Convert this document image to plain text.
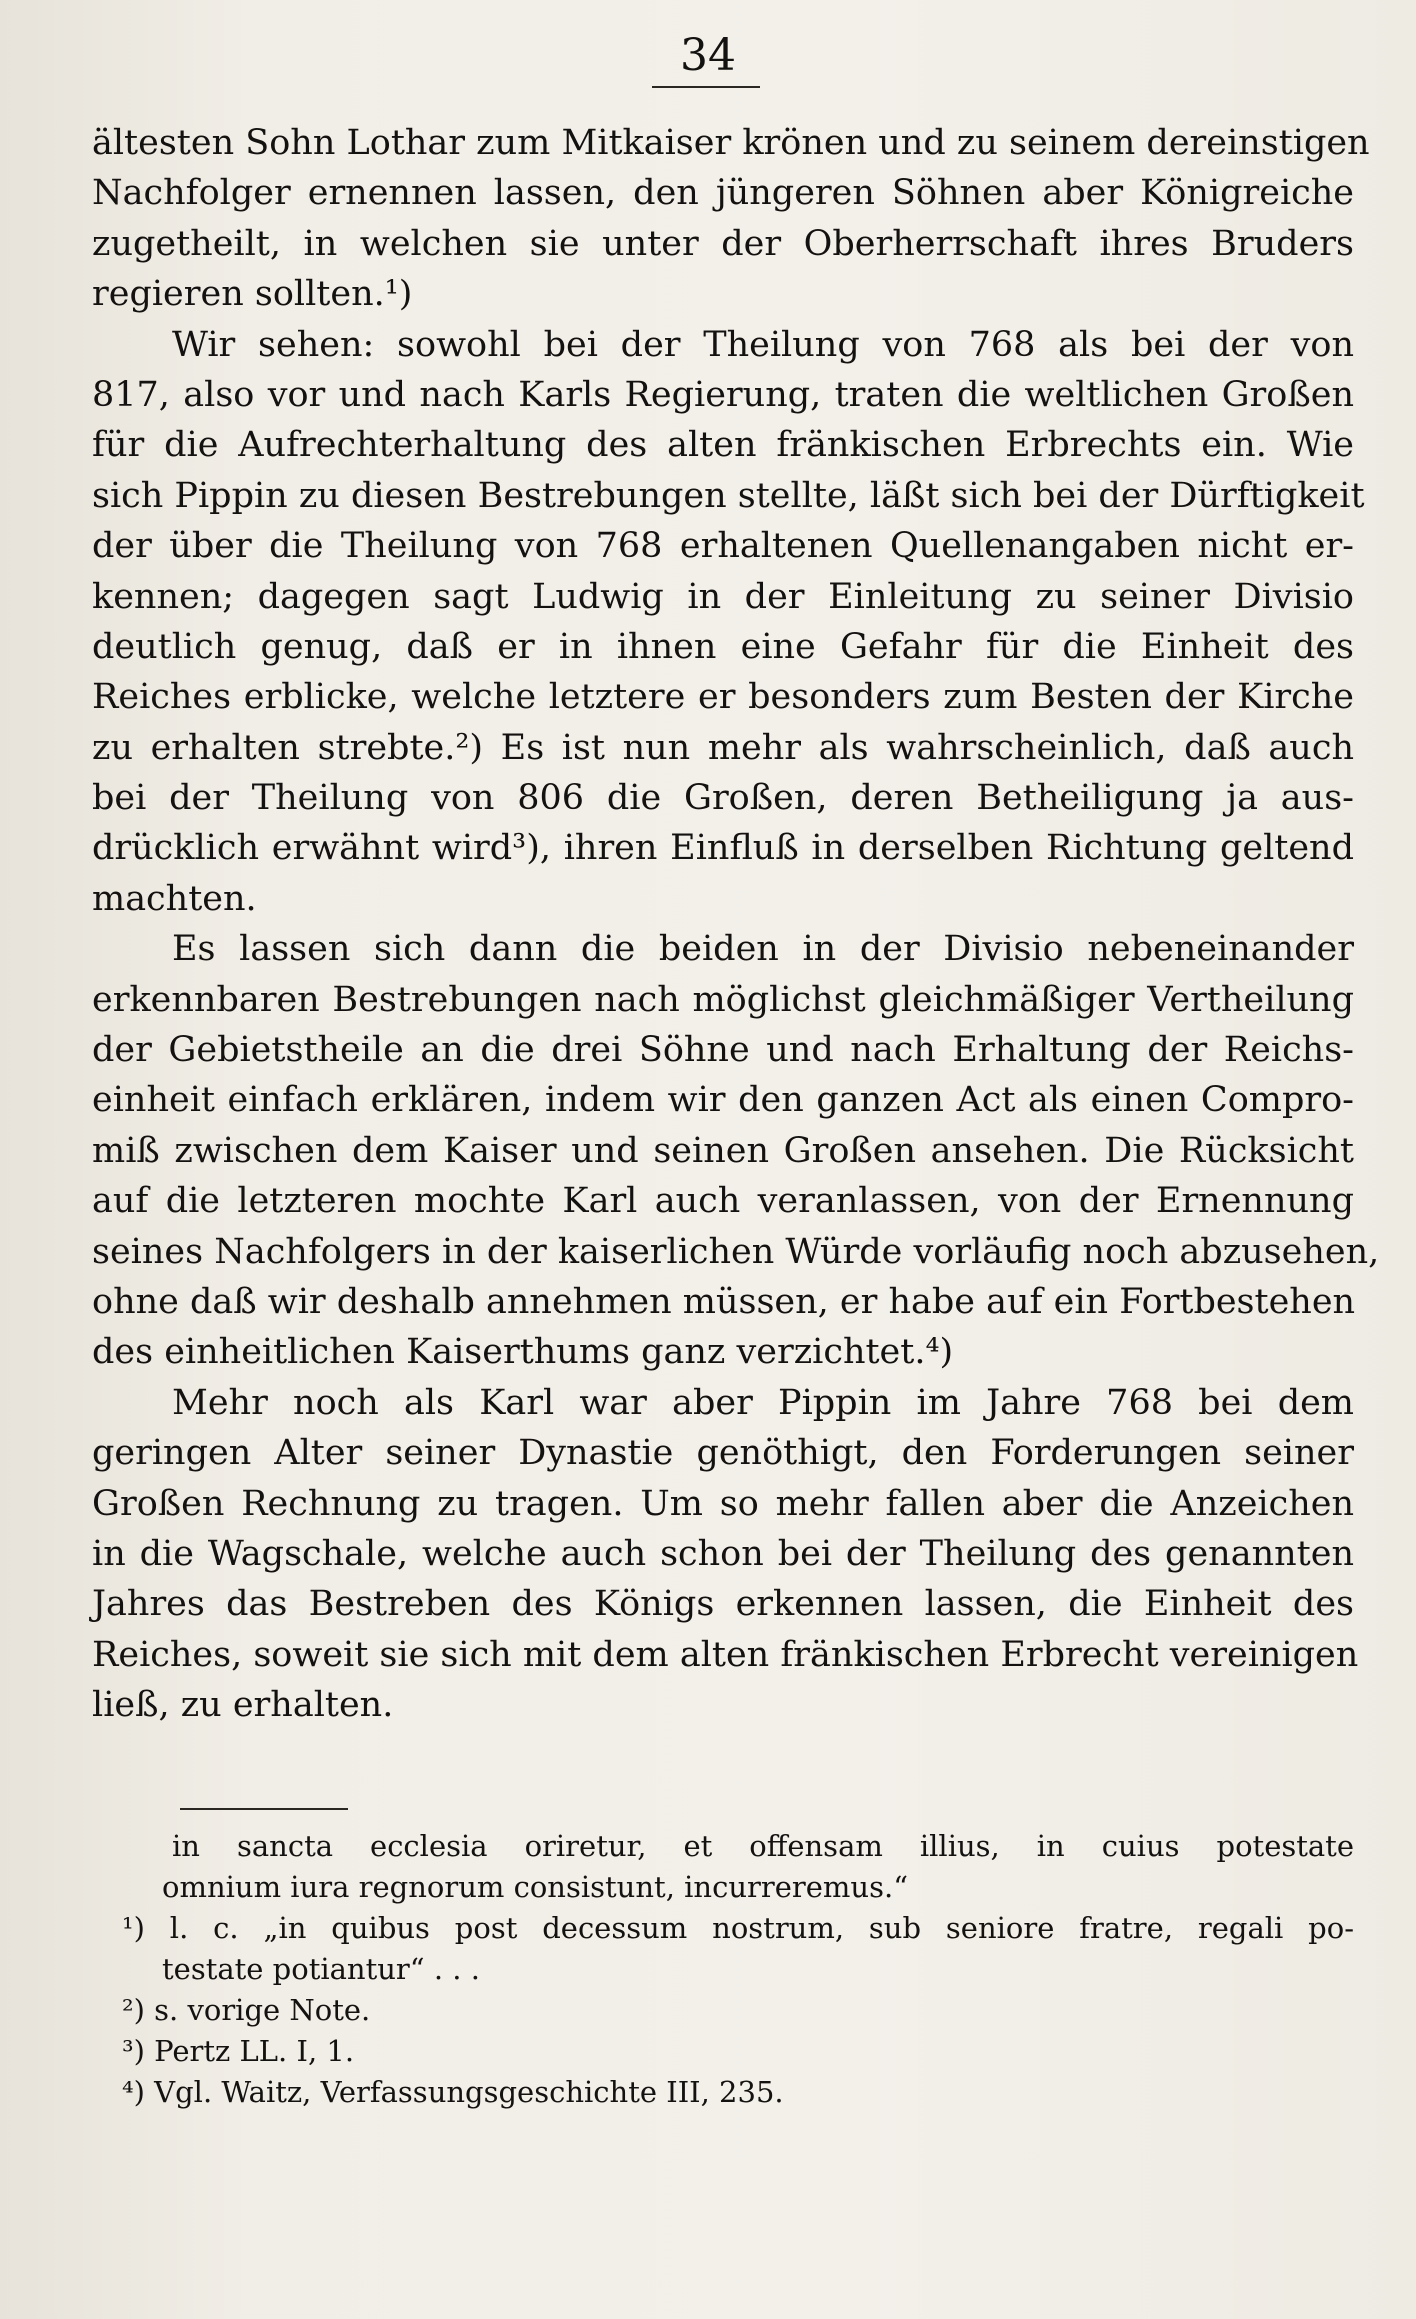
34
ältesten Sohn Lothar zum Mitkaiser krönen und zu seinem dereinstigen
Nachfolger ernennen lassen, den jüngeren Söhnen aber Königreiche
zugetheilt, in welchen sie unter der Oberherrschaft ihres Bruders
regieren sollten.¹)
Wir sehen: sowohl bei der Theilung von 768 als bei der von
817, also vor und nach Karls Regierung, traten die weltlichen Großen
für die Aufrechterhaltung des alten fränkischen Erbrechts ein. Wie
sich Pippin zu diesen Bestrebungen stellte, läßt sich bei der Dürftigkeit
der über die Theilung von 768 erhaltenen Quellenangaben nicht er-
kennen; dagegen sagt Ludwig in der Einleitung zu seiner Divisio
deutlich genug, daß er in ihnen eine Gefahr für die Einheit des
Reiches erblicke, welche letztere er besonders zum Besten der Kirche
zu erhalten strebte.²) Es ist nun mehr als wahrscheinlich, daß auch
bei der Theilung von 806 die Großen, deren Betheiligung ja aus-
drücklich erwähnt wird³), ihren Einfluß in derselben Richtung geltend
machten.
Es lassen sich dann die beiden in der Divisio nebeneinander
erkennbaren Bestrebungen nach möglichst gleichmäßiger Vertheilung
der Gebietstheile an die drei Söhne und nach Erhaltung der Reichs-
einheit einfach erklären, indem wir den ganzen Act als einen Compro-
miß zwischen dem Kaiser und seinen Großen ansehen. Die Rücksicht
auf die letzteren mochte Karl auch veranlassen, von der Ernennung
seines Nachfolgers in der kaiserlichen Würde vorläufig noch abzusehen,
ohne daß wir deshalb annehmen müssen, er habe auf ein Fortbestehen
des einheitlichen Kaiserthums ganz verzichtet.⁴)
Mehr noch als Karl war aber Pippin im Jahre 768 bei dem
geringen Alter seiner Dynastie genöthigt, den Forderungen seiner
Großen Rechnung zu tragen. Um so mehr fallen aber die Anzeichen
in die Wagschale, welche auch schon bei der Theilung des genannten
Jahres das Bestreben des Königs erkennen lassen, die Einheit des
Reiches, soweit sie sich mit dem alten fränkischen Erbrecht vereinigen
ließ, zu erhalten.
in sancta ecclesia oriretur, et offensam illius, in cuius potestate
omnium iura regnorum consistunt, incurreremus.“
¹) l. c. „in quibus post decessum nostrum, sub seniore fratre, regali po-
testate potiantur“ . . .
²) s. vorige Note.
³) Pertz LL. I, 1.
⁴) Vgl. Waitz, Verfassungsgeschichte III, 235.
